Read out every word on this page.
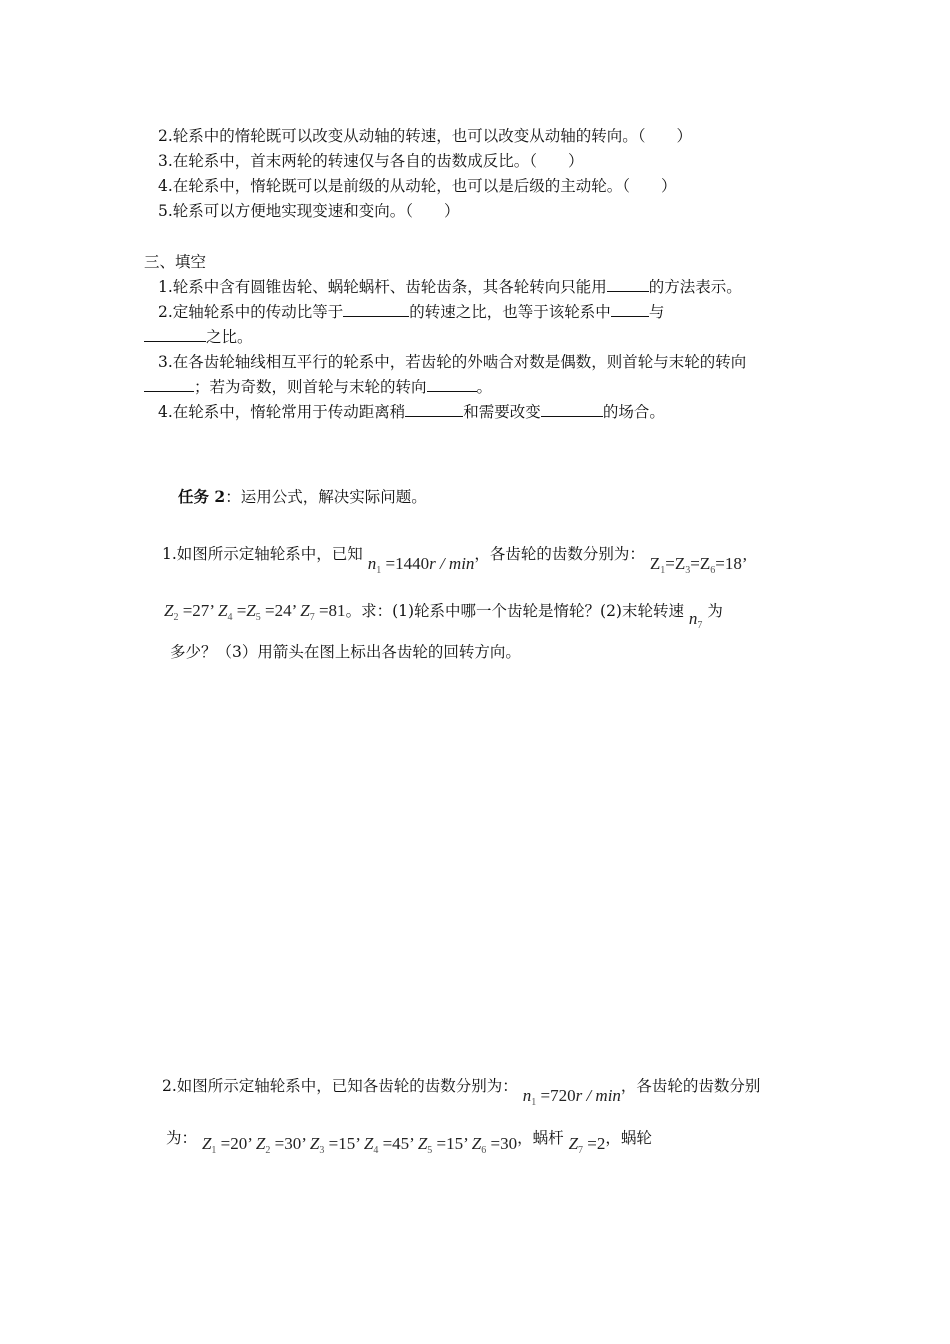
2.轮系中的惰轮既可以改变从动轴的转速，也可以改变从动轴的转向。（　　）
3.在轮系中，首末两轮的转速仅与各自的齿数成反比。（　　）
4.在轮系中，惰轮既可以是前级的从动轮，也可以是后级的主动轮。（　　）
5.轮系可以方便地实现变速和变向。（　　）
三、填空
1.轮系中含有圆锥齿轮、蜗轮蜗杆、齿轮齿条，其各轮转向只能用	的方法表示。
2.定轴轮系中的传动比等于	的转速之比，也等于该轮系中 与
之比。
3.在各齿轮轴线相互平行的轮系中，若齿轮的外啮合对数是偶数，则首轮与末轮的转向
；若为奇数，则首轮与末轮的转向	。
4.在轮系中，惰轮常用于传动距离稍	和需要改变	的场合。
任务 2：运用公式，解决实际问题。
1.如图所示定轴轮系中，已知 $n_1 =1440r / \min$，各齿轮的齿数分别为： $Z_1=Z_3=Z_6=18$’
$Z_2 =27$’ $Z_4 =Z_5 =24$’ $Z_7 =81$。求：(1)轮系中哪一个齿轮是惰轮？(2)末轮转速 $n_7$ 为
多少？（3）用箭头在图上标出各齿轮的回转方向。
2.如图所示定轴轮系中，已知各齿轮的齿数分别为： $n_1 =720r / \min$，各齿轮的齿数分别
为： $Z_1 =20$’ $Z_2 =30$’ $Z_3 =15$’ $Z_4 =45$’ $Z_5 =15$’ $Z_6 =30$，蜗杆 $Z_7 =2$，蜗轮
